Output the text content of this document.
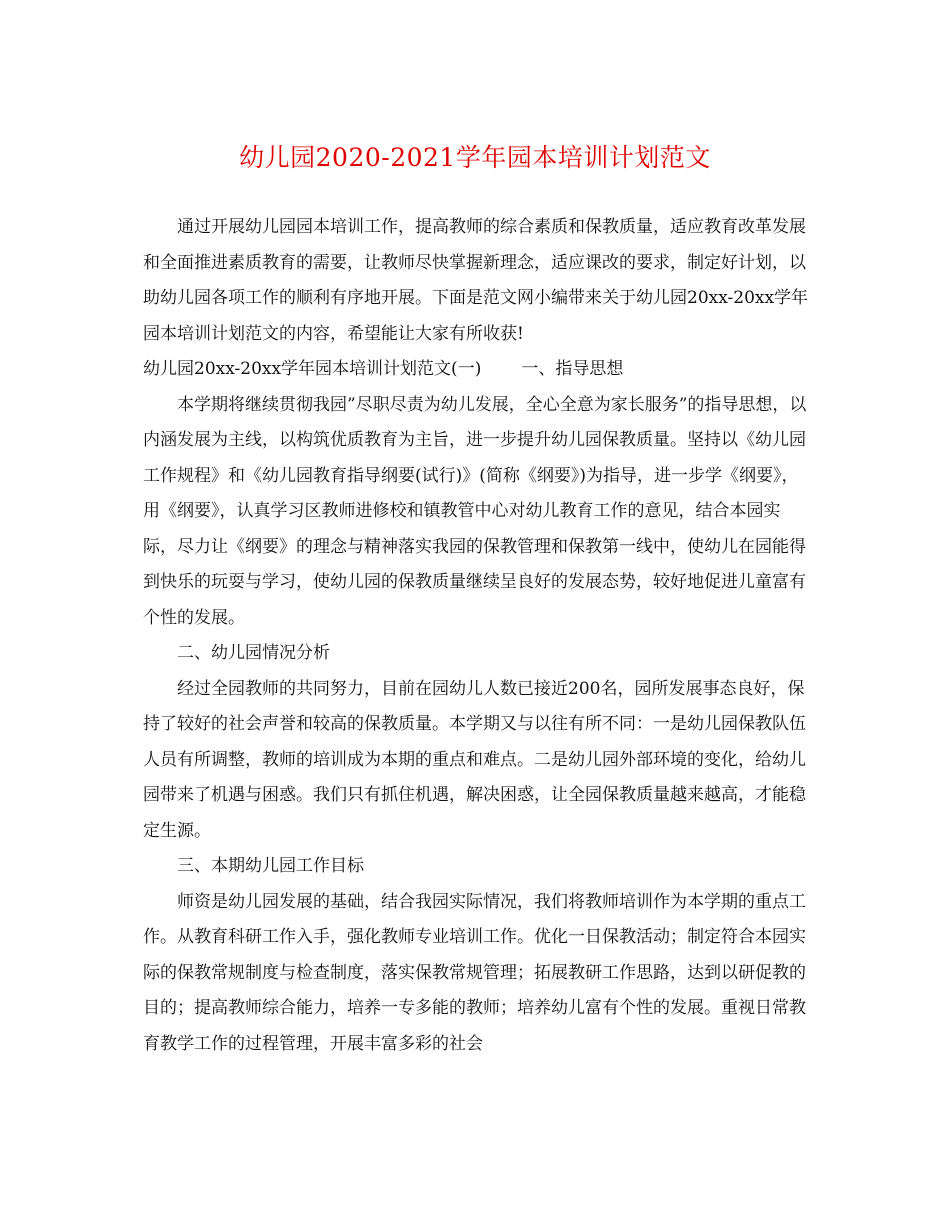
幼儿园2020-2021学年园本培训计划范文

通过开展幼儿园园本培训工作，提高教师的综合素质和保教质量，适应教育改革发展和全面推进素质教育的需要，让教师尽快掌握新理念，适应课改的要求，制定好计划，以助幼儿园各项工作的顺利有序地开展。下面是范文网小编带来关于幼儿园20xx-20xx学年园本培训计划范文的内容，希望能让大家有所收获!

幼儿园20xx-20xx学年园本培训计划范文(一) 一、指导思想

本学期将继续贯彻我园”尽职尽责为幼儿发展，全心全意为家长服务”的指导思想，以内涵发展为主线，以构筑优质教育为主旨，进一步提升幼儿园保教质量。坚持以《幼儿园工作规程》和《幼儿园教育指导纲要(试行)》(简称《纲要》)为指导，进一步学《纲要》，用《纲要》，认真学习区教师进修校和镇教管中心对幼儿教育工作的意见，结合本园实际，尽力让《纲要》的理念与精神落实我园的保教管理和保教第一线中，使幼儿在园能得到快乐的玩耍与学习，使幼儿园的保教质量继续呈良好的发展态势，较好地促进儿童富有个性的发展。

二、幼儿园情况分析

经过全园教师的共同努力，目前在园幼儿人数已接近200名，园所发展事态良好，保持了较好的社会声誉和较高的保教质量。本学期又与以往有所不同：一是幼儿园保教队伍人员有所调整，教师的培训成为本期的重点和难点。二是幼儿园外部环境的变化，给幼儿园带来了机遇与困惑。我们只有抓住机遇，解决困惑，让全园保教质量越来越高，才能稳定生源。

三、本期幼儿园工作目标

师资是幼儿园发展的基础，结合我园实际情况，我们将教师培训作为本学期的重点工作。从教育科研工作入手，强化教师专业培训工作。优化一日保教活动；制定符合本园实际的保教常规制度与检查制度，落实保教常规管理；拓展教研工作思路，达到以研促教的目的；提高教师综合能力，培养一专多能的教师；培养幼儿富有个性的发展。重视日常教育教学工作的过程管理，开展丰富多彩的社会
